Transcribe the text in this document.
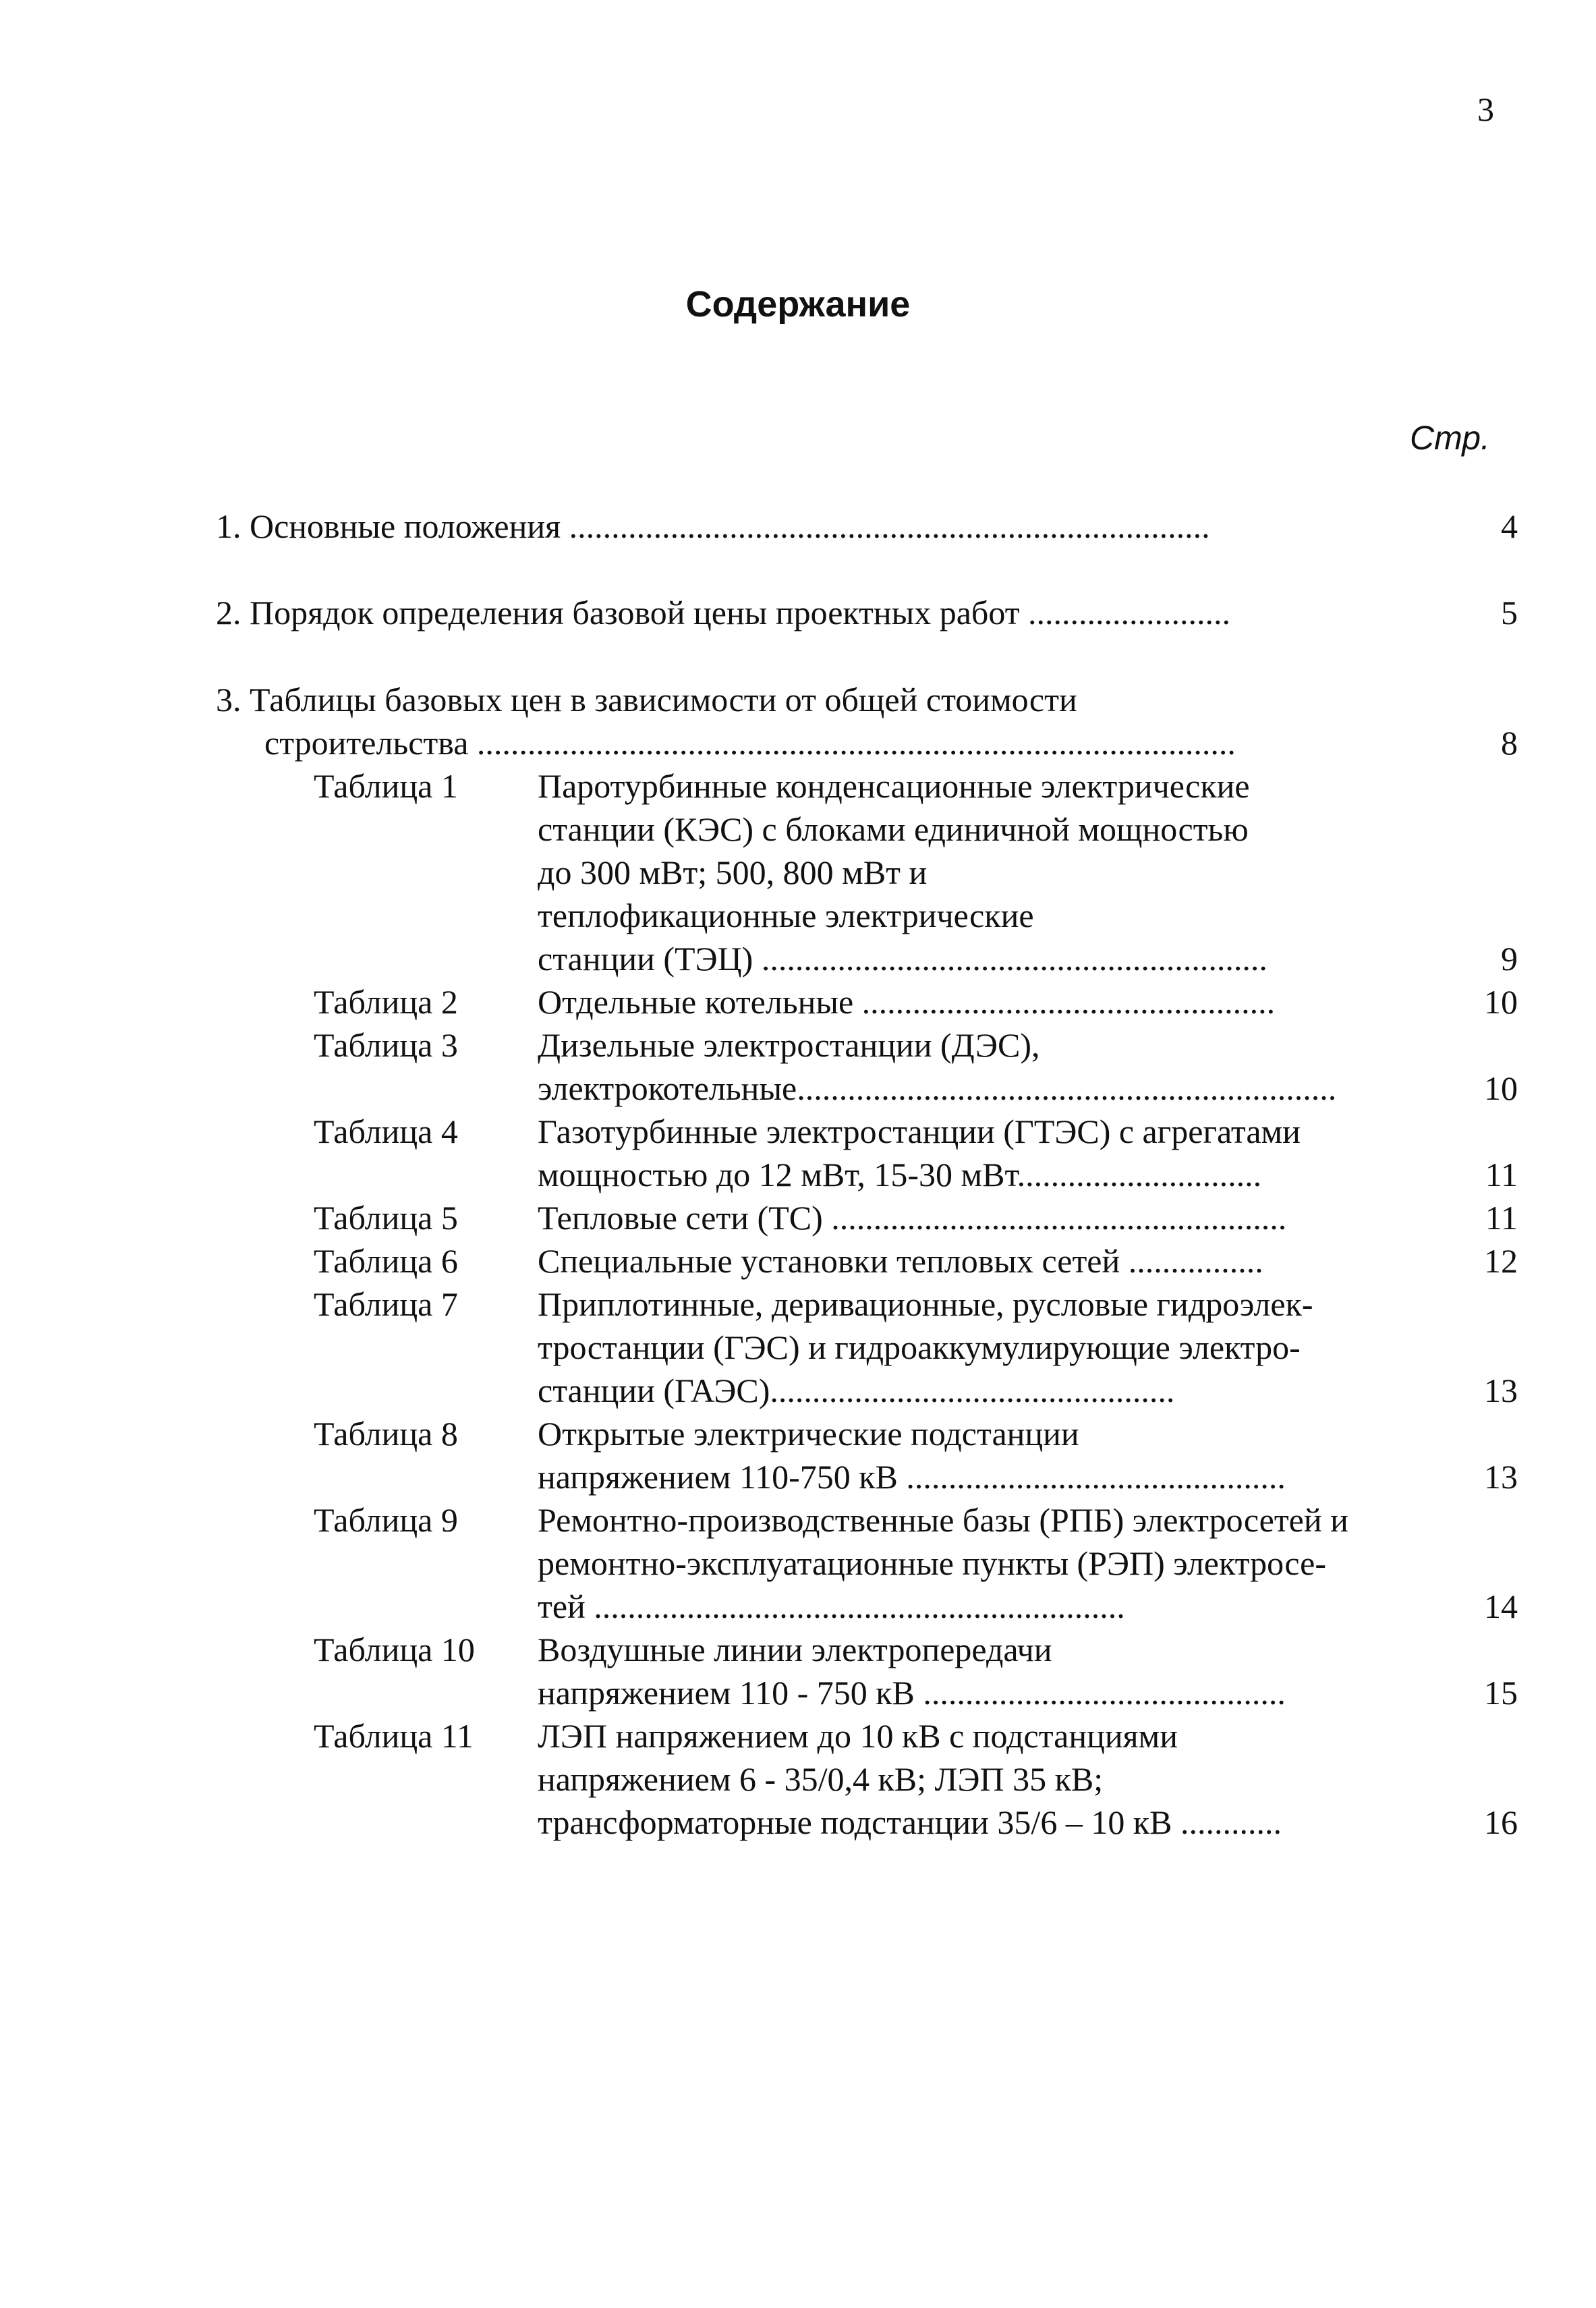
3
Содержание
Стр.
1. Основные положения ............................................................................	4
2. Порядок определения базовой цены проектных работ ........................	5
3. Таблицы базовых цен в зависимости от общей стоимости
строительства ..........................................................................................	8
Таблица 1 Паротурбинные конденсационные электрические
станции (КЭС) с блоками единичной мощностью
до 300 мВт; 500, 800 мВт и
теплофикационные электрические
станции (ТЭЦ) ............................................................	9
Таблица 2 Отдельные котельные .................................................	10
Таблица 3 Дизельные электростанции (ДЭС),
электрокотельные................................................................	10
Таблица 4 Газотурбинные электростанции (ГТЭС) с агрегатами
мощностью до 12 мВт, 15-30 мВт.............................	11
Таблица 5 Тепловые сети (ТС) ......................................................	11
Таблица 6 Специальные установки тепловых сетей ................	12
Таблица 7 Приплотинные, деривационные, русловые гидроэлек-
тростанции (ГЭС) и гидроаккумулирующие электро-
станции (ГАЭС)................................................	13
Таблица 8 Открытые электрические подстанции
напряжением 110-750 кВ .............................................	13
Таблица 9 Ремонтно-производственные базы (РПБ) электросетей и
ремонтно-эксплуатационные пункты (РЭП) электросе-
тей ...............................................................	14
Таблица 10 Воздушные линии электропередачи
напряжением 110 - 750 кВ ...........................................	15
Таблица 11 ЛЭП напряжением до 10 кВ с подстанциями
напряжением 6 - 35/0,4 кВ; ЛЭП 35 кВ;
трансформаторные подстанции 35/6 – 10 кВ ............	16
